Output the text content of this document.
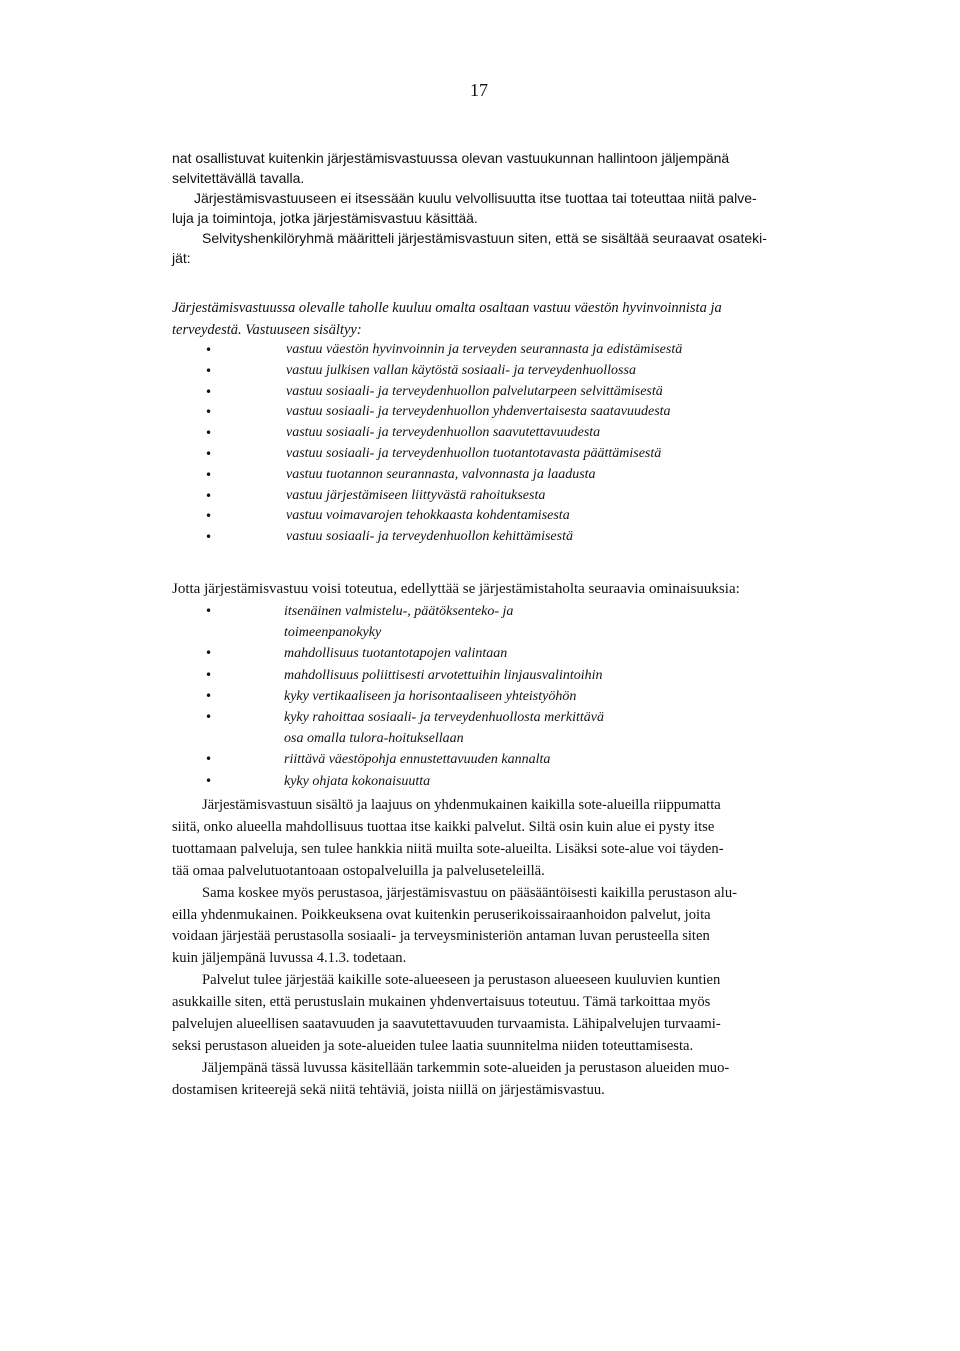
17

nat osallistuvat kuitenkin järjestämisvastuussa olevan vastuukunnan hallintoon jäljempänä

selvitettävällä tavalla.

Järjestämisvastuuseen ei itsessään kuulu velvollisuutta itse tuottaa tai toteuttaa niitä palve-

luja ja toimintoja, jotka järjestämisvastuu käsittää.

Selvityshenkilöryhmä määritteli järjestämisvastuun siten, että se sisältää seuraavat osateki-

jät:

Järjestämisvastuussa olevalle taholle kuuluu omalta osaltaan vastuu väestön hyvinvoinnista ja

terveydestä. Vastuuseen sisältyy:

•	vastuu väestön hyvinvoinnin ja terveyden seurannasta ja edistämisestä
•	vastuu julkisen vallan käytöstä sosiaali- ja terveydenhuollossa
•	vastuu sosiaali- ja terveydenhuollon palvelutarpeen selvittämisestä
•	vastuu sosiaali- ja terveydenhuollon yhdenvertaisesta saatavuudesta
•	vastuu sosiaali- ja terveydenhuollon saavutettavuudesta
•	vastuu sosiaali- ja terveydenhuollon tuotantotavasta päättämisestä
•	vastuu tuotannon seurannasta, valvonnasta ja laadusta
•	vastuu järjestämiseen liittyvästä rahoituksesta
•	vastuu voimavarojen tehokkaasta kohdentamisesta
•	vastuu sosiaali- ja terveydenhuollon kehittämisestä

Jotta järjestämisvastuu voisi toteutua, edellyttää se järjestämistaholta seuraavia ominaisuuksia:

•	itsenäinen valmistelu-, päätöksenteko- ja toimeenpanokyky
•	mahdollisuus tuotantotapojen valintaan
•	mahdollisuus poliittisesti arvotettuihin linjausvalintoihin
•	kyky vertikaaliseen ja horisontaaliseen yhteistyöhön
•	kyky rahoittaa sosiaali- ja terveydenhuollosta merkittävä osa omalla tulora-hoituksellaan
•	riittävä väestöpohja ennustettavuuden kannalta
•	kyky ohjata kokonaisuutta

Järjestämisvastuun sisältö ja laajuus on yhdenmukainen kaikilla sote-alueilla riippumatta

siitä, onko alueella mahdollisuus tuottaa itse kaikki palvelut. Siltä osin kuin alue ei pysty itse

tuottamaan palveluja, sen tulee hankkia niitä muilta sote-alueilta. Lisäksi sote-alue voi täyden-

tää omaa palvelutuotantoaan ostopalveluilla ja palveluseteleillä.

Sama koskee myös perustasoa, järjestämisvastuu on pääsääntöisesti kaikilla perustason alu-

eilla yhdenmukainen. Poikkeuksena ovat kuitenkin peruserikoissairaanhoidon palvelut, joita

voidaan järjestää perustasolla sosiaali- ja terveysministeriön antaman luvan perusteella siten

kuin jäljempänä luvussa 4.1.3. todetaan.

Palvelut tulee järjestää kaikille sote-alueeseen ja perustason alueeseen kuuluvien kuntien

asukkaille siten, että perustuslain mukainen yhdenvertaisuus toteutuu. Tämä tarkoittaa myös

palvelujen alueellisen saatavuuden ja saavutettavuuden turvaamista. Lähipalvelujen turvaami-

seksi perustason alueiden ja sote-alueiden tulee laatia suunnitelma niiden toteuttamisesta.

Jäljempänä tässä luvussa käsitellään tarkemmin sote-alueiden ja perustason alueiden muo-

dostamisen kriteerejä sekä niitä tehtäviä, joista niillä on järjestämisvastuu.
